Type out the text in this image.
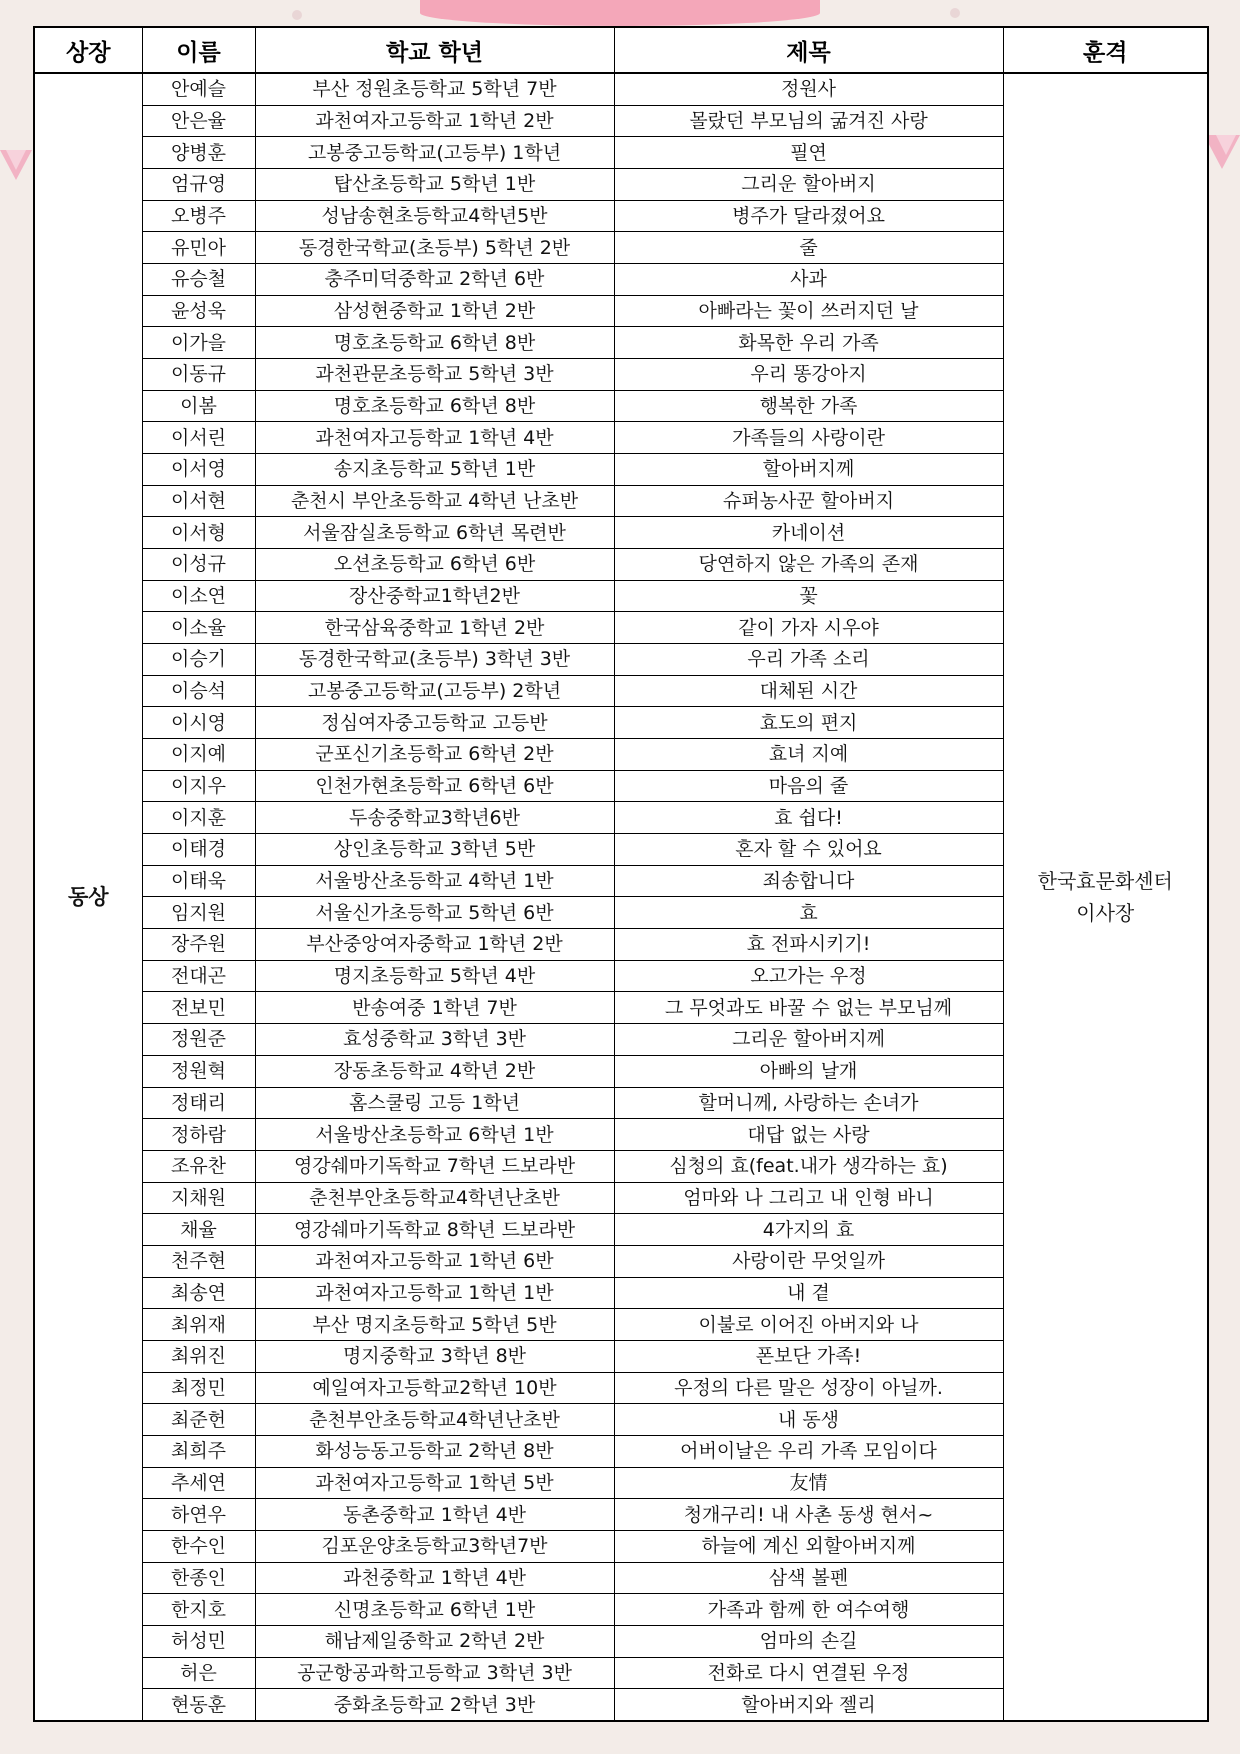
상장	이름	학교 학년	제목	훈격
동상	안예슬	부산 정원초등학교 5학년 7반	정원사	한국효문화센터
이사장

	안은율	과천여자고등학교 1학년 2반	몰랐던 부모님의 굶겨진 사랑	
	양병훈	고봉중고등학교(고등부) 1학년	필연	
	엄규영	탑산초등학교 5학년 1반	그리운 할아버지	
	오병주	성남송현초등학교4학년5반	병주가 달라졌어요	
	유민아	동경한국학교(초등부) 5학년 2반	줄	
	유승철	충주미덕중학교 2학년 6반	사과	
	윤성욱	삼성현중학교 1학년 2반	아빠라는 꽃이 쓰러지던 날	
	이가을	명호초등학교 6학년 8반	화목한 우리 가족	
	이동규	과천관문초등학교 5학년 3반	우리 똥강아지	
	이봄	명호초등학교 6학년 8반	행복한 가족	
	이서린	과천여자고등학교 1학년 4반	가족들의 사랑이란	
	이서영	송지초등학교 5학년 1반	할아버지께	
	이서현	춘천시 부안초등학교 4학년 난초반	슈퍼농사꾼 할아버지	
	이서형	서울잠실초등학교 6학년 목련반	카네이션	
	이성규	오션초등학교 6학년 6반	당연하지 않은 가족의 존재	
	이소연	장산중학교1학년2반	꽃	
	이소율	한국삼육중학교 1학년 2반	같이 가자 시우야	
	이승기	동경한국학교(초등부) 3학년 3반	우리 가족 소리	
	이승석	고봉중고등학교(고등부) 2학년	대체된 시간	
	이시영	정심여자중고등학교 고등반	효도의 편지	
	이지예	군포신기초등학교 6학년 2반	효녀 지예	
	이지우	인천가현초등학교 6학년 6반	마음의 줄	
	이지훈	두송중학교3학년6반	효 쉽다!	
	이태경	상인초등학교 3학년 5반	혼자 할 수 있어요	
	이태욱	서울방산초등학교 4학년 1반	죄송합니다	
	임지원	서울신가초등학교 5학년 6반	효	
	장주원	부산중앙여자중학교 1학년 2반	효 전파시키기!	
	전대곤	명지초등학교 5학년 4반	오고가는 우정	
	전보민	반송여중 1학년 7반	그 무엇과도 바꿀 수 없는 부모님께	
	정원준	효성중학교 3학년 3반	그리운 할아버지께	
	정원혁	장동초등학교 4학년 2반	아빠의 날개	
	정태리	홈스쿨링 고등 1학년	할머니께, 사랑하는 손녀가	
	정하람	서울방산초등학교 6학년 1반	대답 없는 사랑	
	조유찬	영강쉐마기독학교 7학년 드보라반	심청의 효(feat.내가 생각하는 효)	
	지채원	춘천부안초등학교4학년난초반	엄마와 나 그리고 내 인형 바니	
	채율	영강쉐마기독학교 8학년 드보라반	4가지의 효	
	천주현	과천여자고등학교 1학년 6반	사랑이란 무엇일까	
	최송연	과천여자고등학교 1학년 1반	내 곁	
	최위재	부산 명지초등학교 5학년 5반	이불로 이어진 아버지와 나	
	최위진	명지중학교 3학년 8반	폰보단 가족!	
	최정민	예일여자고등학교2학년 10반	우정의 다른 말은 성장이 아닐까.	
	최준헌	춘천부안초등학교4학년난초반	내 동생	
	최희주	화성능동고등학교 2학년 8반	어버이날은 우리 가족 모임이다	
	추세연	과천여자고등학교 1학년 5반	友情	
	하연우	동촌중학교 1학년 4반	청개구리! 내 사촌 동생 현서~	
	한수인	김포운양초등학교3학년7반	하늘에 계신 외할아버지께	
	한종인	과천중학교 1학년 4반	삼색 볼펜	
	한지호	신명초등학교 6학년 1반	가족과 함께 한 여수여행	
	허성민	해남제일중학교 2학년 2반	엄마의 손길	
	허은	공군항공과학고등학교 3학년 3반	전화로 다시 연결된 우정	
	현동훈	중화초등학교 2학년 3반	할아버지와 젤리	
